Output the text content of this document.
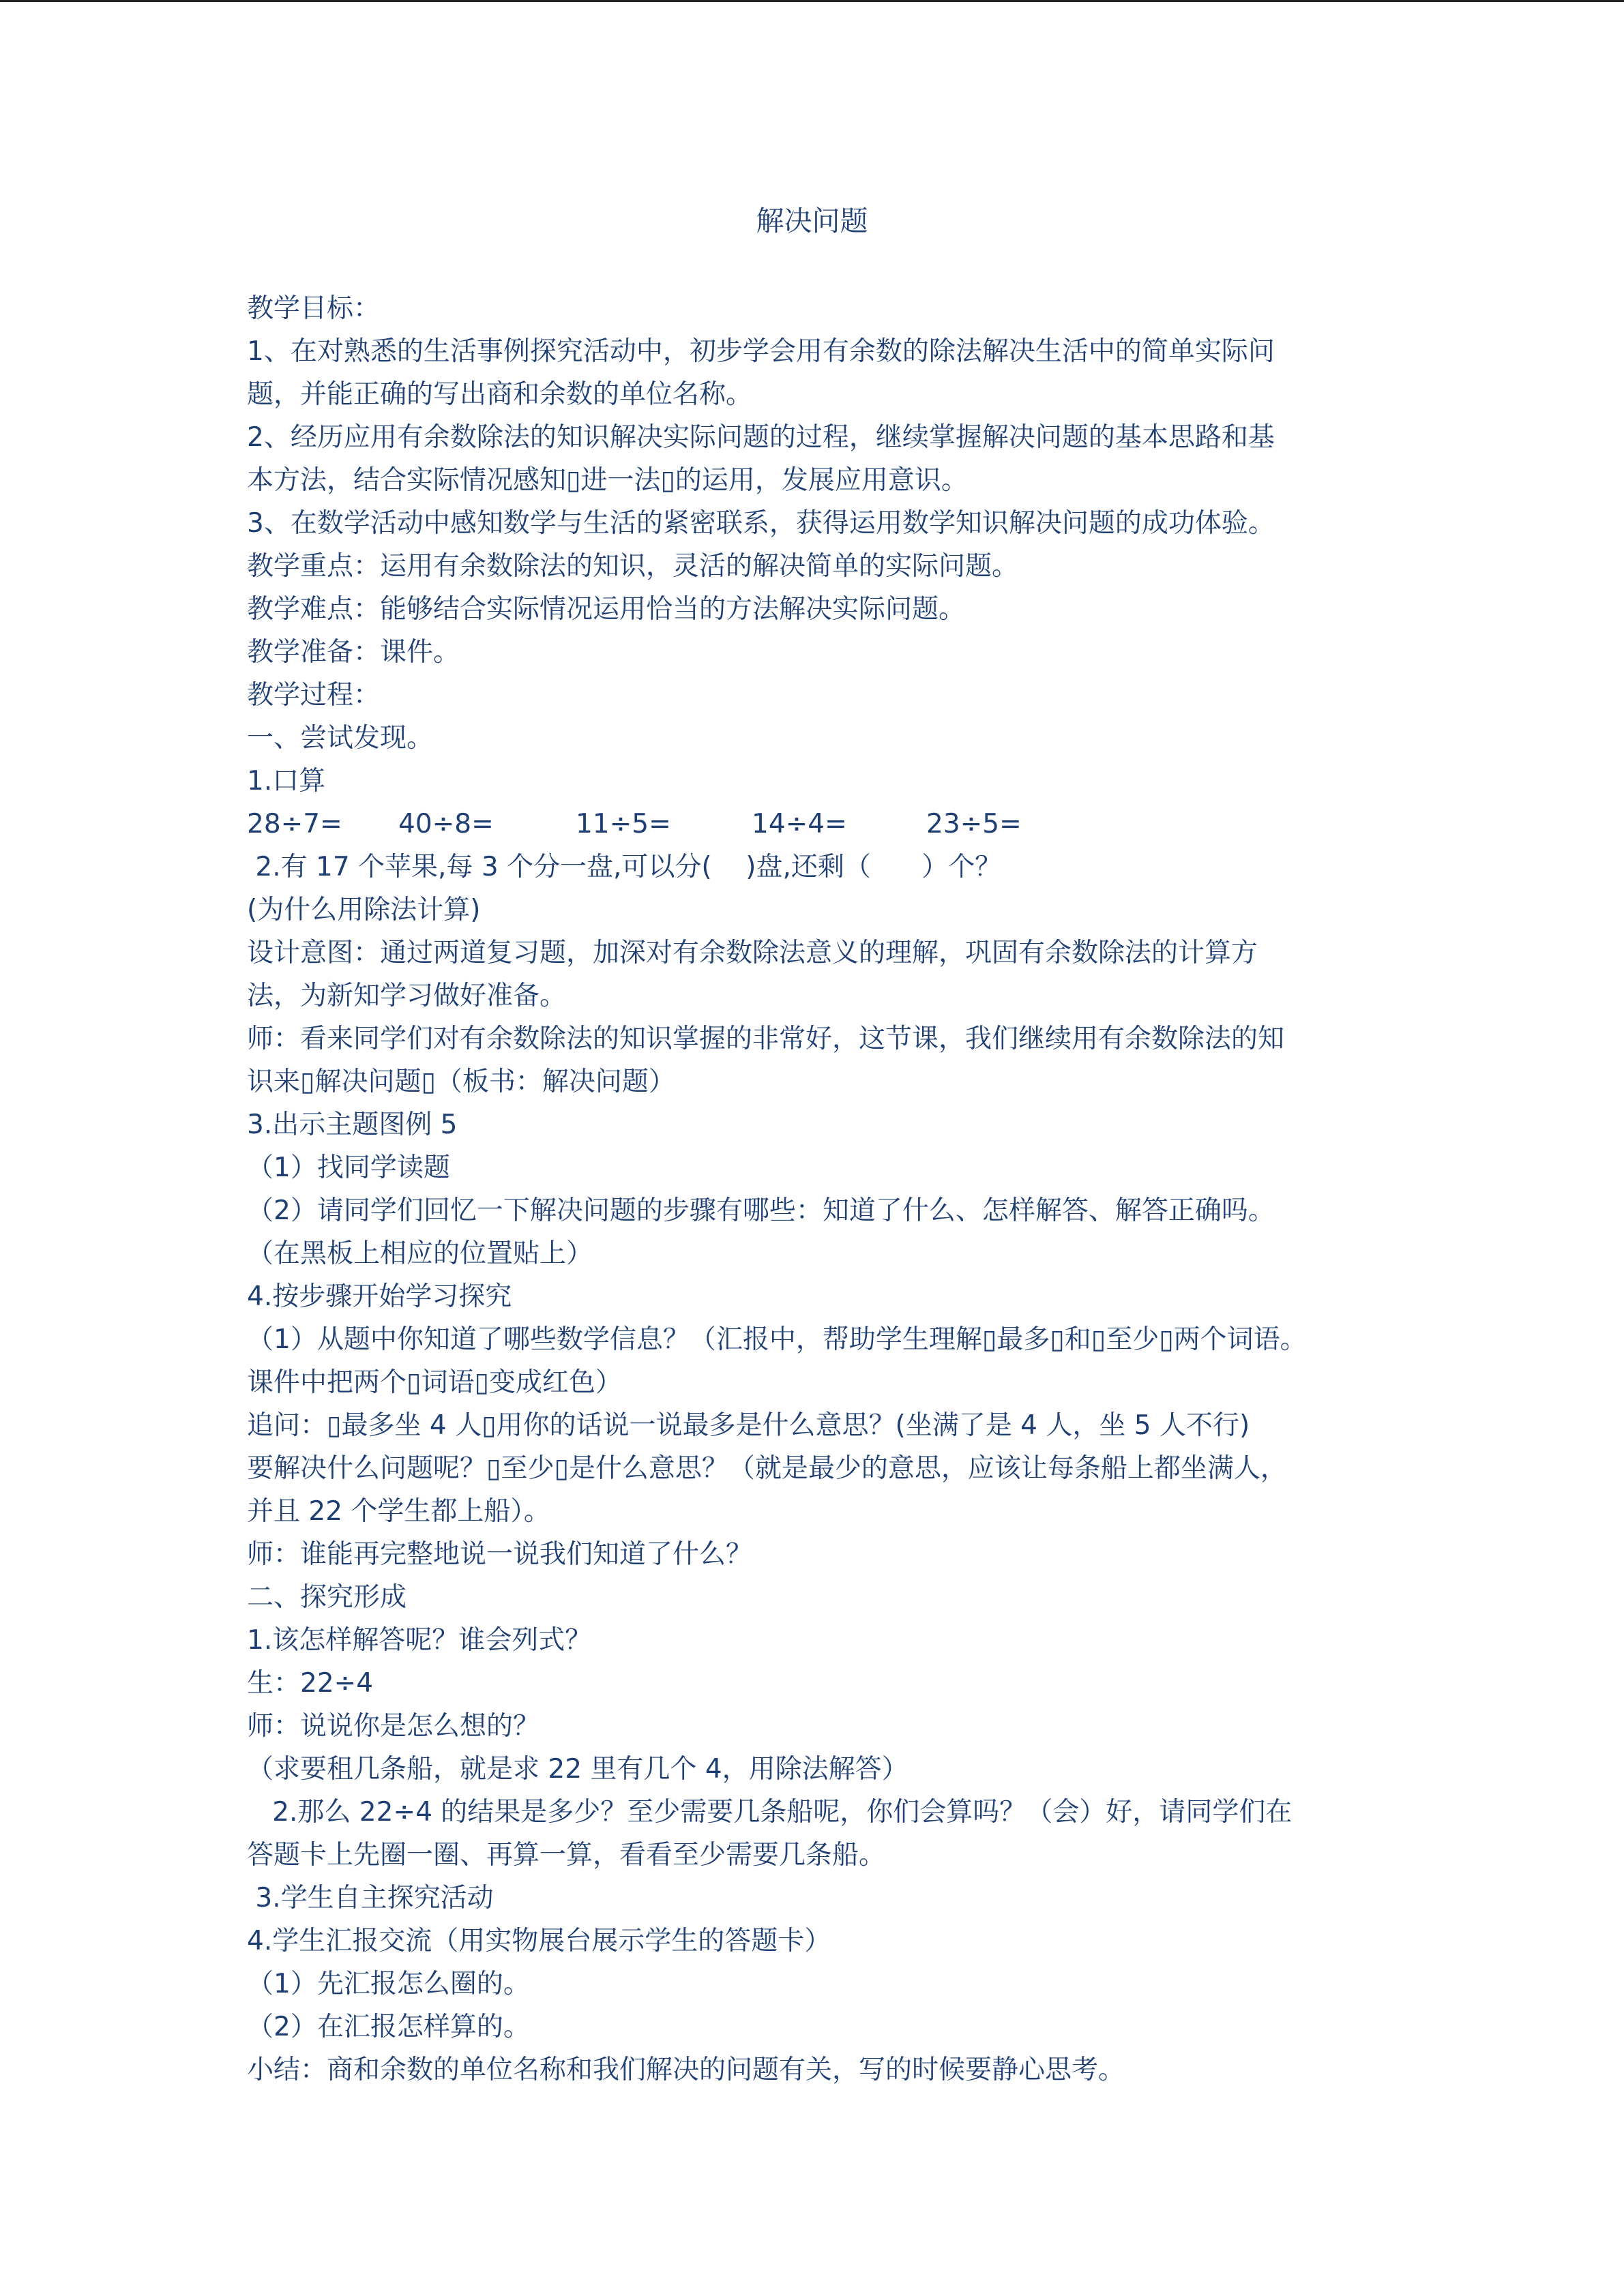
解决问题
教学目标：
1、在对熟悉的生活事例探究活动中，初步学会用有余数的除法解决生活中的简单实际问
题，并能正确的写出商和余数的单位名称。
2、经历应用有余数除法的知识解决实际问题的过程，继续掌握解决问题的基本思路和基
本方法，结合实际情况感知▯进一法▯的运用，发展应用意识。
3、在数学活动中感知数学与生活的紧密联系，获得运用数学知识解决问题的成功体验。
教学重点：运用有余数除法的知识，灵活的解决简单的实际问题。
教学难点：能够结合实际情况运用恰当的方法解决实际问题。
教学准备：课件。
教学过程：
一、尝试发现。
1.口算
28÷7= 40÷8=	11÷5=	14÷4=	23÷5=
2.有 17 个苹果,每 3 个分一盘,可以分(    )盘,还剩（      ）个？
(为什么用除法计算)
设计意图：通过两道复习题，加深对有余数除法意义的理解，巩固有余数除法的计算方
法，为新知学习做好准备。
师：看来同学们对有余数除法的知识掌握的非常好，这节课，我们继续用有余数除法的知
识来▯解决问题▯（板书：解决问题）
3.出示主题图例 5
（1）找同学读题
（2）请同学们回忆一下解决问题的步骤有哪些：知道了什么、怎样解答、解答正确吗。
（在黑板上相应的位置贴上）
4.按步骤开始学习探究
（1）从题中你知道了哪些数学信息？（汇报中，帮助学生理解▯最多▯和▯至少▯两个词语。
课件中把两个▯词语▯变成红色）
追问：▯最多坐 4 人▯用你的话说一说最多是什么意思？(坐满了是 4 人，坐 5 人不行)
要解决什么问题呢？▯至少▯是什么意思？（就是最少的意思，应该让每条船上都坐满人，
并且 22 个学生都上船）。
师：谁能再完整地说一说我们知道了什么？
二、探究形成
1.该怎样解答呢？谁会列式？
生：22÷4
师：说说你是怎么想的？
（求要租几条船，就是求 22 里有几个 4，用除法解答）
2.那么 22÷4 的结果是多少？至少需要几条船呢，你们会算吗？（会）好，请同学们在
答题卡上先圈一圈、再算一算，看看至少需要几条船。
3.学生自主探究活动
4.学生汇报交流（用实物展台展示学生的答题卡）
（1）先汇报怎么圈的。
（2）在汇报怎样算的。
小结：商和余数的单位名称和我们解决的问题有关，写的时候要静心思考。
